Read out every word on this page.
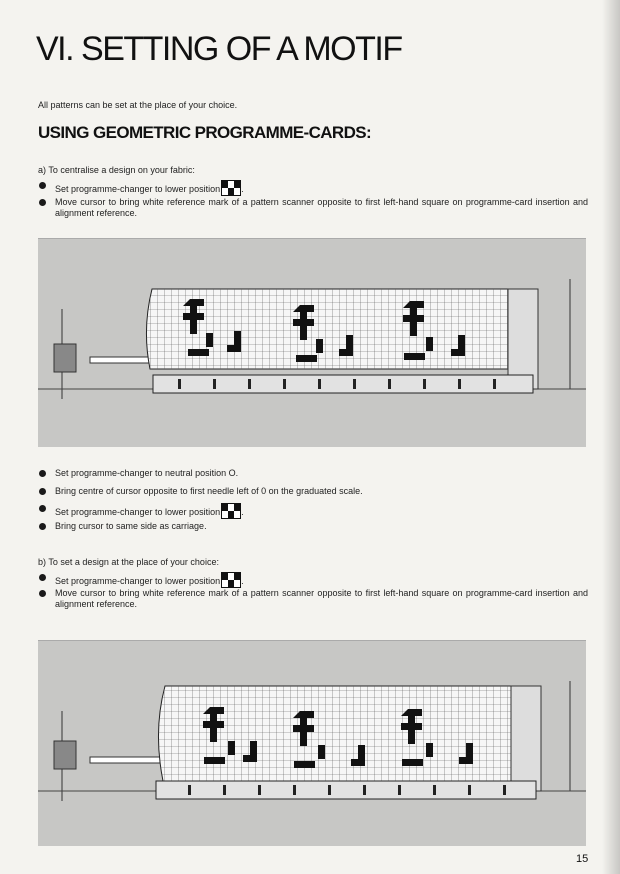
VI. SETTING OF A MOTIF
All patterns can be set at the place of your choice.
USING GEOMETRIC PROGRAMME-CARDS:
a) To centralise a design on your fabric:
Set programme-changer to lower position .
Move cursor to bring white reference mark of a pattern scanner opposite to first left-hand square on programme-card insertion and alignment reference.
Set programme-changer to neutral position O.
Bring centre of cursor opposite to first needle left of 0 on the graduated scale.
Set programme-changer to lower position .
Bring cursor to same side as carriage.
b) To set a design at the place of your choice:
Set programme-changer to lower position .
Move cursor to bring white reference mark of a pattern scanner opposite to first left-hand square on programme-card insertion and alignment reference.
15
